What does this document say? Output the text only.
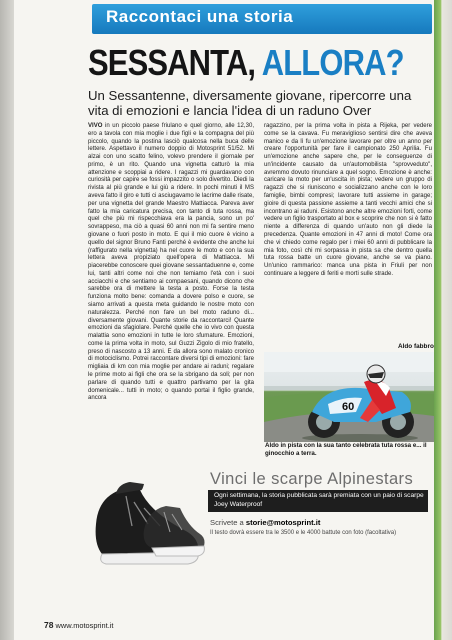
Raccontaci una storia
SESSANTA, ALLORA?
Un Sessantenne, diversamente giovane, ripercorre una vita di emozioni e lancia l'idea di un raduno Over

VIVO in un piccolo paese friulano e quel giorno, alle 12,30, ero a tavola con mia moglie i due figli e la compagna del più piccolo, quando la postina lasciò qualcosa nella buca delle lettere. Aspettavo il numero doppio di Motosprint 51/52. Mi alzai con uno scatto felino, volevo prendere il giornale per primo, è un rito. Quando una vignetta catturò la mia attenzione e scoppiai a ridere. I ragazzi mi guardavano con curiosità per capire se fossi impazzito o solo divertito. Diedi la rivista al più grande e lui giù a ridere. In pochi minuti il MS aveva fatto il giro e tutti ci asciugavamo le lacrime dalle risate, per una vignetta del grande Maestro Mattiacca. Pareva aver fatto la mia caricatura precisa, con tanto di tuta rossa, ma quel che più mi rispecchiava era la pancia, sono un po' sovrappeso, ma ciò a quasi 60 anni non mi fa sentire meno giovane o fuori posto in moto. E qui il mio cuore è vicino a quello del signor Bruno Fanti perché è evidente che anche lui (raffigurato nella vignetta) ha nel cuore le moto e con la sua lettera aveva propiziato quell'opera di Mattiacca. Mi piacerebbe conoscere quei giovane sessantaduenne e, come lui, tanti altri come noi che non temiamo l'età con i suoi acciacchi e che sentiamo ai compaesani, quando dicono che sarebbe ora di mettere la testa a posto. Forse la testa funziona molto bene: comanda a dovere polso e cuore, se siamo arrivati a questa meta guidando le nostre moto con naturalezza. Perché non fare un bel moto raduno di... diversamente giovani. Quante storie da raccontarci! Quante emozioni da sfagiolare. Perché quelle che io vivo con questa malattia sono emozioni in tutte le loro sfumature. Emozioni, come la prima volta in moto, sul Guzzi Zigolo di mio fratello, preso di nascosto a 13 anni. E da allora sono malato cronico di motociclismo. Potrei raccontare diversi tipi di emozioni: fare migliaia di km con mia moglie per andare ai raduni; regalare le prime moto ai figli che ora se la sbrigano da soli; per non parlare di quando tutti e quattro partivamo per la gita domenicale... tutti in moto; o quando portai il figlio grande, ancora

ragazzino, per la prima volta in pista a Rijeka, per vedere come se la cavava. Fu meraviglioso sentirsi dire che aveva manico e da lì fu un'emozione lavorare per oltre un anno per creare l'opportunità per fare il campionato 250 Aprilia. Fu un'emozione anche sapere che, per le conseguenze di un'incidente causato da un'automobilista "sprovveduto", avremmo dovuto rinunciare a quel sogno. Emozione è anche: caricare la moto per un'uscita in pista; vedere un gruppo di ragazzi che si riuniscono e socializzano anche con le loro famiglie, bimbi compresi; lavorare tutti assieme in garage; gioire di questa passione assieme a tanti vecchi amici che si incontrano ai raduni. Esistono anche altre emozioni forti, come vedere un figlio trasportato al box e scoprire che non si è fatto niente a differenza di quando un'auto non gli diede la precedenza. Quante emozioni in 47 anni di moto! Come ora che vi chiedo come regalo per i miei 60 anni di pubblicare la mia foto, così chi mi sorpassa in pista sa che dentro quella tuta rossa batte un cuore giovane, anche se va piano. Un'unico rammarico: manca una pista in Friuli per non continuare a leggere di feriti e morti sulle strade.

Aldo fabbro
60
Aldo in pista con la sua tanto celebrata tuta rossa e... il ginocchio a terra.
Vinci le scarpe Alpinestars
Ogni settimana, la storia pubblicata sarà premiata con un paio di scarpe Joey Waterproof
Scrivete a storie@motosprint.it
Il testo dovrà essere tra le 3500 e le 4000 battute con foto (facoltativa)
78 www.motosprint.it
